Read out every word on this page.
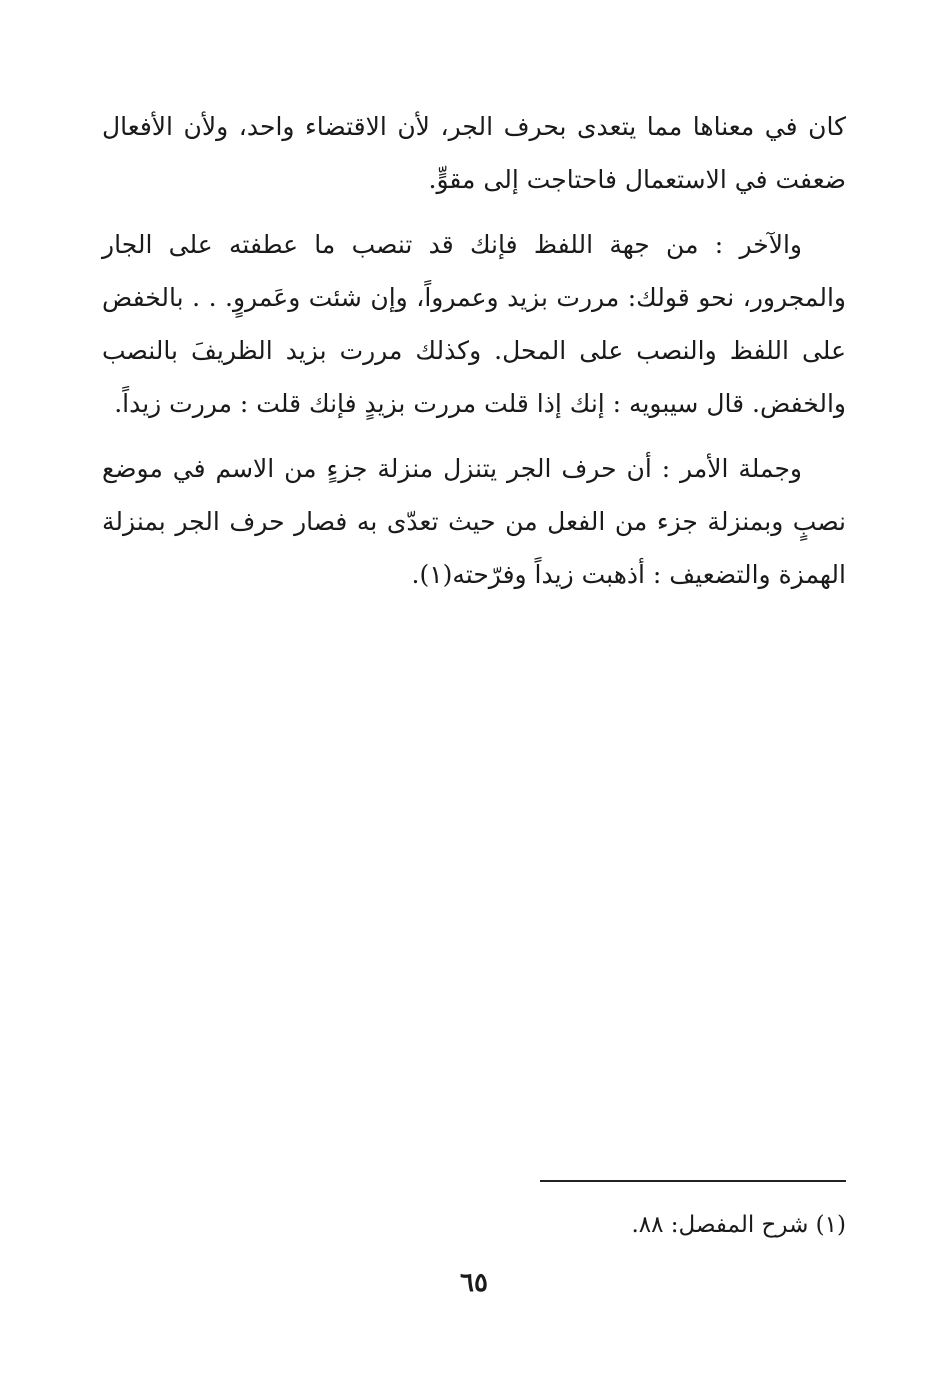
كان في معناها مما يتعدى بحرف الجر، لأن الاقتضاء واحد، ولأن الأفعال ضعفت في الاستعمال فاحتاجت إلى مقوٍّ.

والآخر : من جهة اللفظ فإنك قد تنصب ما عطفته على الجار والمجرور، نحو قولك: مررت بزيد وعمرواً، وإن شئت وعَمروٍ. . . بالخفض على اللفظ والنصب على المحل. وكذلك مررت بزيد الظريفَ بالنصب والخفض. قال سيبويه : إنك إذا قلت مررت بزيدٍ فإنك قلت : مررت زيداً.

وجملة الأمر : أن حرف الجر يتنزل منزلة جزءٍ من الاسم في موضع نصبٍ وبمنزلة جزء من الفعل من حيث تعدّى به فصار حرف الجر بمنزلة الهمزة والتضعيف : أذهبت زيداً وفرّحته(١).

(١) شرح المفصل: ٨٨.
٦٥
